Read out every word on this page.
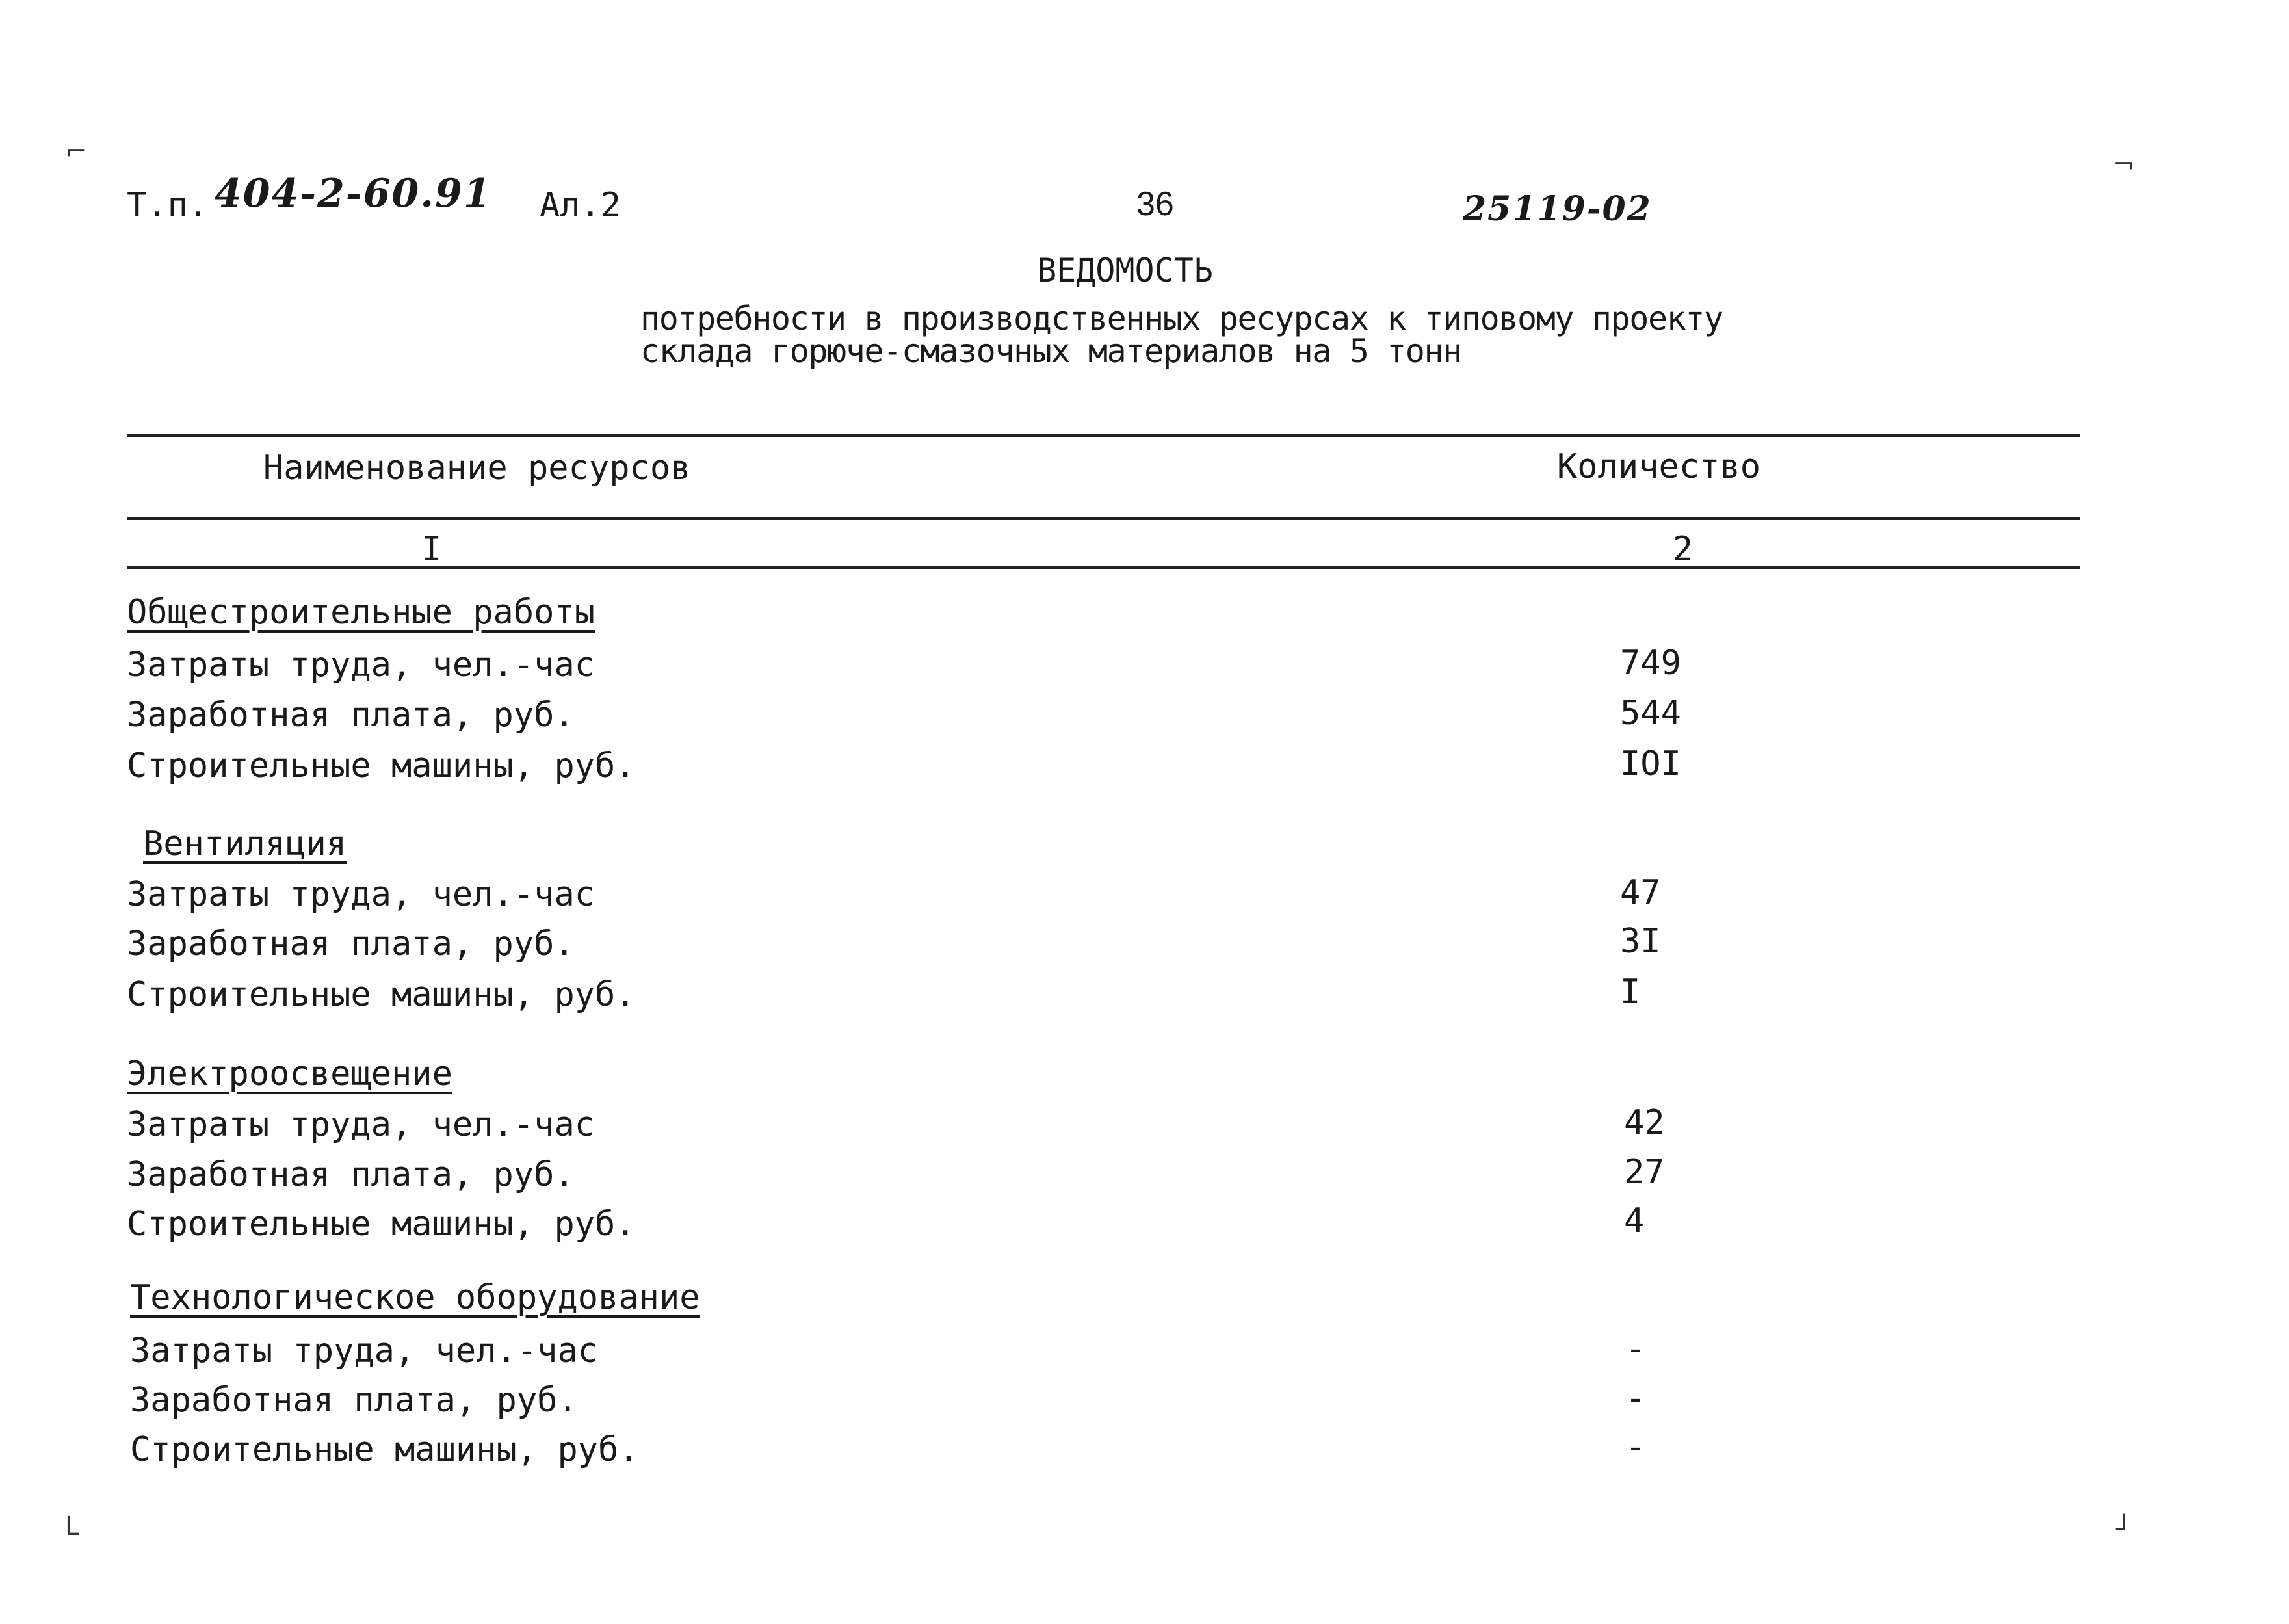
⌐	¬
L	┘
Т.п. 404-2-60.91 Ал.2	36	25119-02
ВЕДОМОСТЬ
потребности в производственных ресурсах к типовому проекту
склада горюче-смазочных материалов на 5 тонн
Наименование ресурсов	Количество
I	2
Общестроительные работы
Затраты труда, чел.-час	749
Заработная плата, руб.	544
Строительные машины, руб.	IOI
Вентиляция
Затраты труда, чел.-час	47
Заработная плата, руб.	3I
Строительные машины, руб.	I
Электроосвещение
Затраты труда, чел.-час	42
Заработная плата, руб.	27
Строительные машины, руб.	4
Технологическое оборудование
Затраты труда, чел.-час	-
Заработная плата, руб.	-
Строительные машины, руб.	-
